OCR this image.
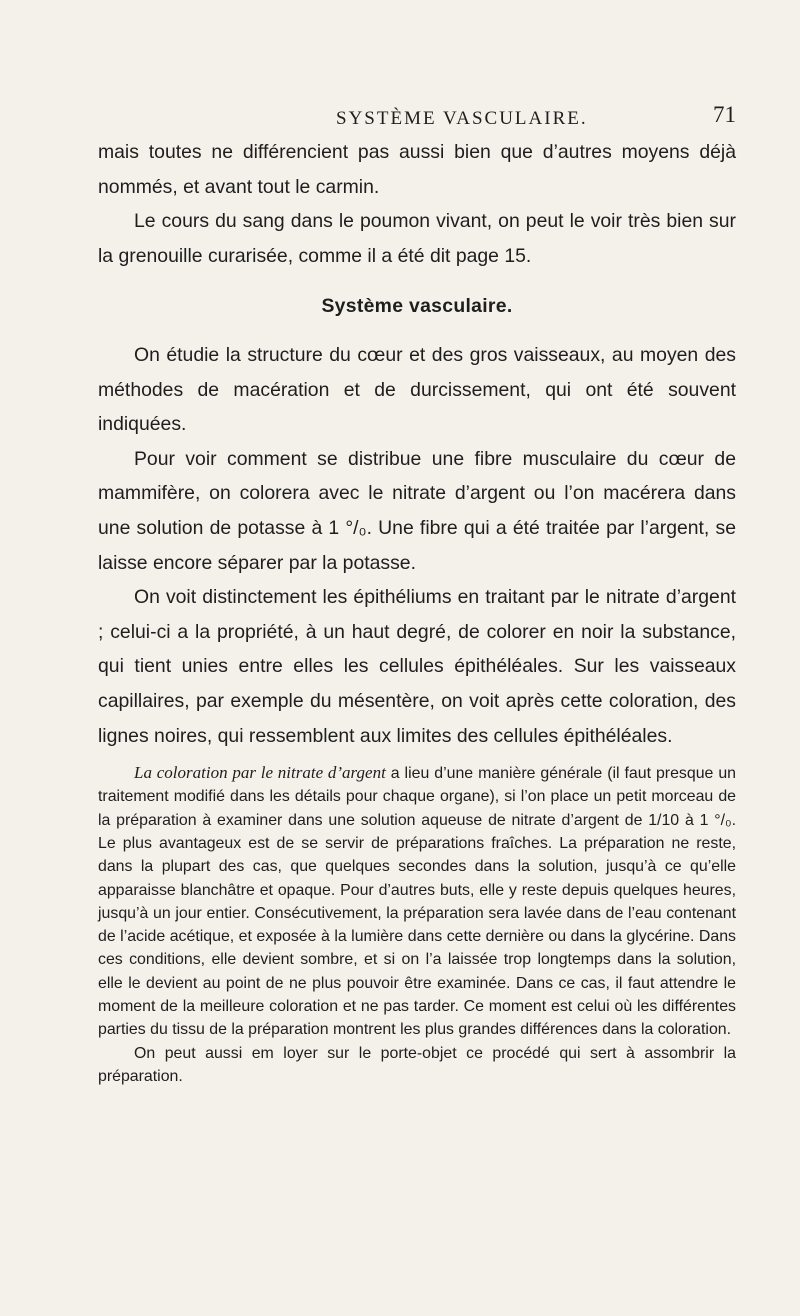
SYSTÈME VASCULAIRE.	71

mais toutes ne différencient pas aussi bien que d’autres moyens déjà nommés, et avant tout le carmin.

Le cours du sang dans le poumon vivant, on peut le voir très bien sur la grenouille curarisée, comme il a été dit page 15.

Système vasculaire.

On étudie la structure du cœur et des gros vaisseaux, au moyen des méthodes de macération et de durcissement, qui ont été souvent indiquées.

Pour voir comment se distribue une fibre musculaire du cœur de mammifère, on colorera avec le nitrate d’argent ou l’on macérera dans une solution de potasse à 1 °/₀. Une fibre qui a été traitée par l’argent, se laisse encore séparer par la potasse.

On voit distinctement les épithéliums en traitant par le nitrate d’argent ; celui-ci a la propriété, à un haut degré, de colorer en noir la substance, qui tient unies entre elles les cellules épithéléales. Sur les vaisseaux capillaires, par exemple du mésentère, on voit après cette coloration, des lignes noires, qui ressemblent aux limites des cellules épithéléales.

La coloration par le nitrate d’argent a lieu d’une manière générale (il faut presque un traitement modifié dans les détails pour chaque organe), si l’on place un petit morceau de la préparation à examiner dans une solution aqueuse de nitrate d’argent de 1/10 à 1 °/₀. Le plus avantageux est de se servir de préparations fraîches. La préparation ne reste, dans la plupart des cas, que quelques secondes dans la solution, jusqu’à ce qu’elle apparaisse blanchâtre et opaque. Pour d’autres buts, elle y reste depuis quelques heures, jusqu’à un jour entier. Consécutivement, la préparation sera lavée dans de l’eau contenant de l’acide acétique, et exposée à la lumière dans cette dernière ou dans la glycérine. Dans ces conditions, elle devient sombre, et si on l’a laissée trop longtemps dans la solution, elle le devient au point de ne plus pouvoir être examinée. Dans ce cas, il faut attendre le moment de la meilleure coloration et ne pas tarder. Ce moment est celui où les différentes parties du tissu de la préparation montrent les plus grandes différences dans la coloration.

On peut aussi em loyer sur le porte-objet ce procédé qui sert à assombrir la préparation.
